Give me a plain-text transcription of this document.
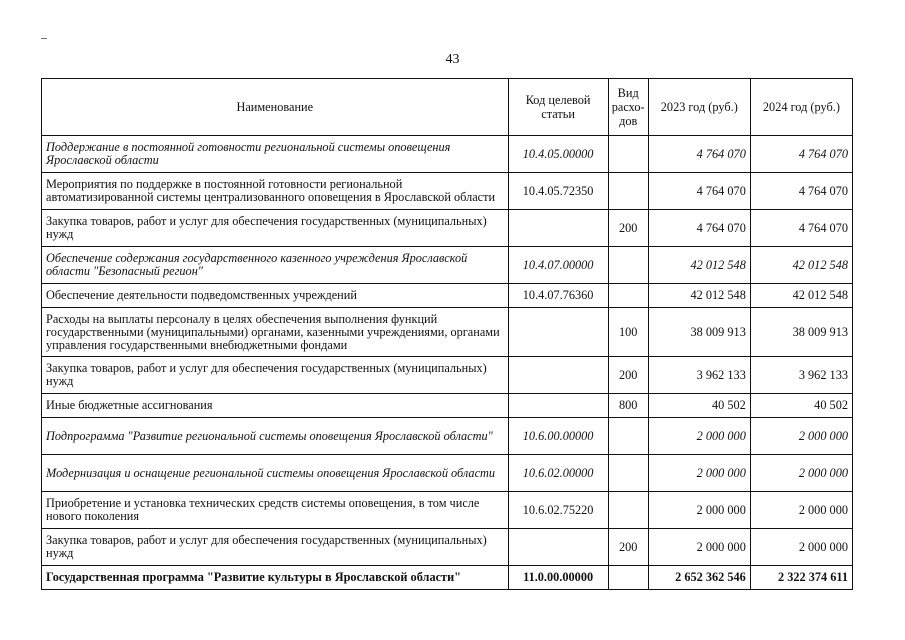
43
Наименование	Код целевой статьи	Вид расхо-дов	2023 год (руб.)	2024 год (руб.)
Поддержание в постоянной готовности региональной системы оповещения Ярославской области	10.4.05.00000		4 764 070	4 764 070
Мероприятия по поддержке в постоянной готовности региональной автоматизированной системы централизованного оповещения в Ярославской области	10.4.05.72350		4 764 070	4 764 070
Закупка товаров, работ и услуг для обеспечения государственных (муниципальных) нужд		200	4 764 070	4 764 070
Обеспечение содержания государственного казенного учреждения Ярославской области "Безопасный регион"	10.4.07.00000		42 012 548	42 012 548
Обеспечение деятельности подведомственных учреждений	10.4.07.76360		42 012 548	42 012 548
Расходы на выплаты персоналу в целях обеспечения выполнения функций государственными (муниципальными) органами, казенными учреждениями, органами управления государственными внебюджетными фондами		100	38 009 913	38 009 913
Закупка товаров, работ и услуг для обеспечения государственных (муниципальных) нужд		200	3 962 133	3 962 133
Иные бюджетные ассигнования		800	40 502	40 502
Подпрограмма "Развитие региональной системы оповещения Ярославской области"	10.6.00.00000		2 000 000	2 000 000
Модернизация и оснащение региональной системы оповещения Ярославской области	10.6.02.00000		2 000 000	2 000 000
Приобретение и установка технических средств системы оповещения, в том числе нового поколения	10.6.02.75220		2 000 000	2 000 000
Закупка товаров, работ и услуг для обеспечения государственных (муниципальных) нужд		200	2 000 000	2 000 000
Государственная программа "Развитие культуры в Ярославской области"	11.0.00.00000		2 652 362 546	2 322 374 611
